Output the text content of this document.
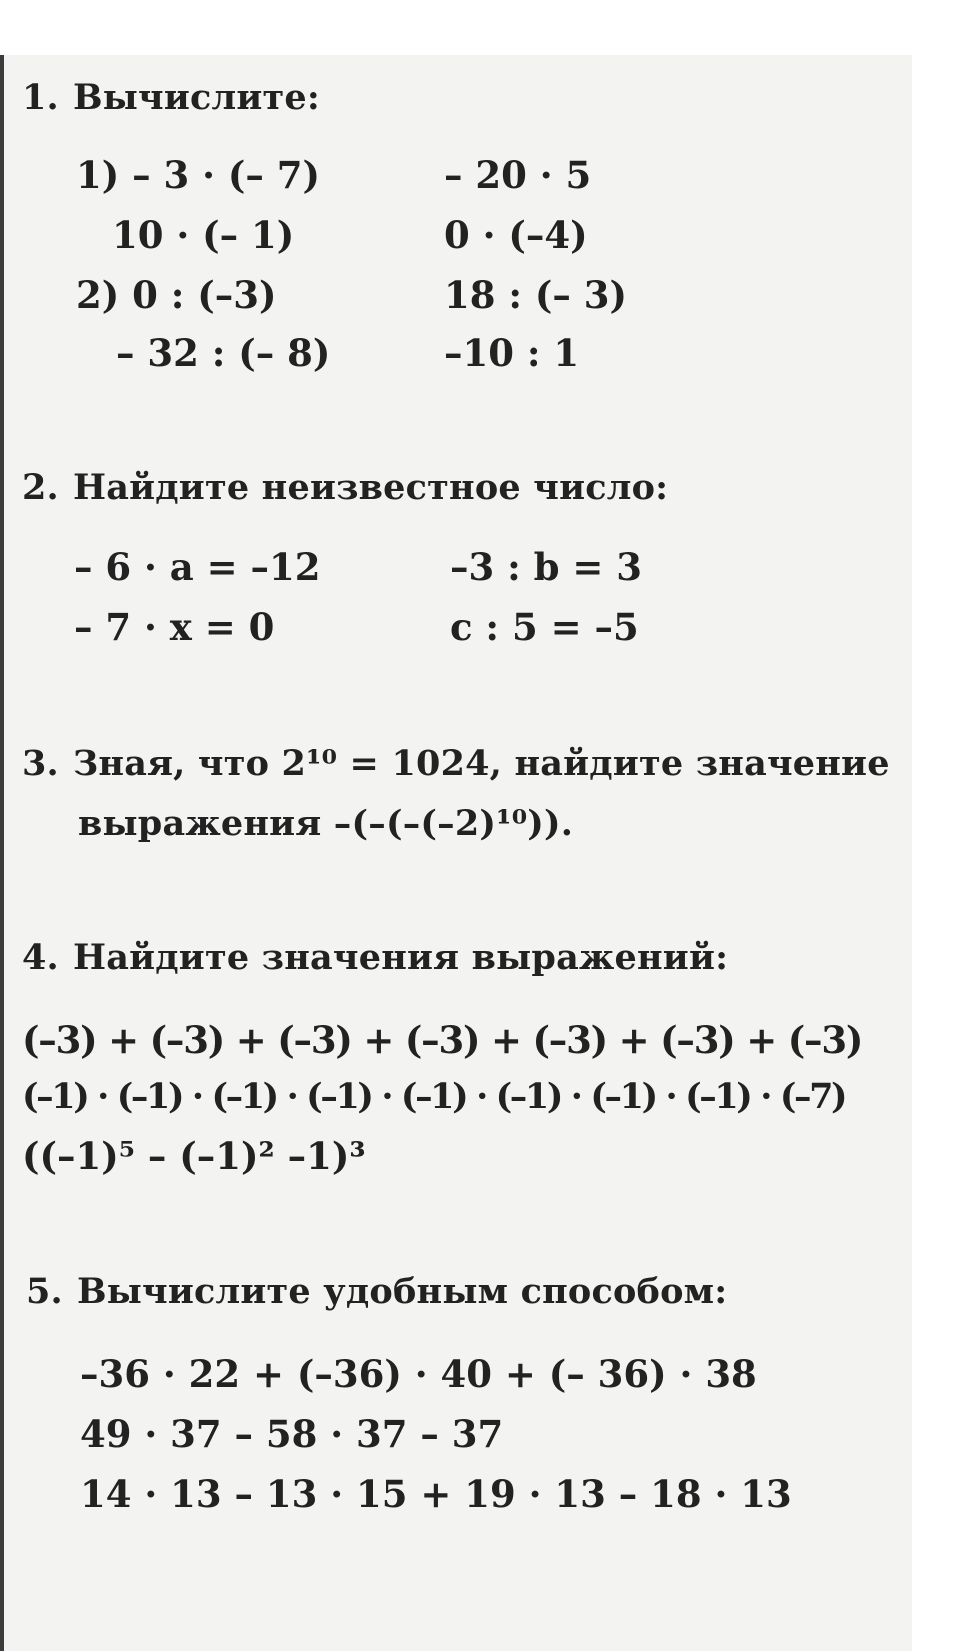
1. Вычислите:
1) – 3 · (– 7)	– 20 · 5
10 · (– 1)	0 · (–4)
2) 0 : (–3)	18 : (– 3)
– 32 : (– 8)	–10 : 1
2. Найдите неизвестное число:
– 6 · a = –12	–3 : b = 3
– 7 · x = 0	c : 5 = –5
3. Зная, что 2¹⁰ = 1024, найдите значение
выражения –(–(–(–2)¹⁰)).
4. Найдите значения выражений:
(–3) + (–3) + (–3) + (–3) + (–3) + (–3) + (–3)
(–1) · (–1) · (–1) · (–1) · (–1) · (–1) · (–1) · (–1) · (–7)
((–1)⁵ – (–1)² –1)³
5. Вычислите удобным способом:
–36 · 22 + (–36) · 40 + (– 36) · 38
49 · 37 – 58 · 37 – 37
14 · 13 – 13 · 15 + 19 · 13 – 18 · 13
